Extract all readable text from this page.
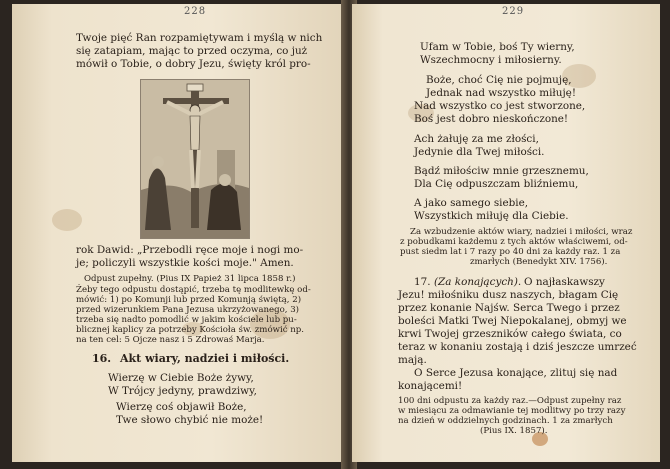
228
Twoje pięć Ran rozpamiętywam i myślą w nich
się zatapiam, mając to przed oczyma, co już
mówił o Tobie, o dobry Jezu, święty król pro-
rok Dawid: „Przebodli ręce moje i nogi mo-
je; policzyli wszystkie kości moje." Amen.
Odpust zupełny. (Pius IX Papież 31 lipca 1858 r.)
Żeby tego odpustu dostąpić, trzeba tę modlitewkę od-
mówić: 1) po Komunji lub przed Komunją świętą, 2)
przed wizerunkiem Pana Jezusa ukrzyżowanego, 3)
trzeba się nadto pomodlić w jakim kościele lub pu-
blicznej kaplicy za potrzeby Kościoła św. zmówić np.
na ten cel: 5 Ojcze nasz i 5 Zdrowaś Marja.
16. Akt wiary, nadziei i miłości.
Wierzę w Ciebie Boże żywy,
W Trójcy jedyny, prawdziwy,
Wierzę coś objawił Boże,
Twe słowo chybić nie może!
229
Ufam w Tobie, boś Ty wierny,
Wszechmocny i miłosierny.
Boże, choć Cię nie pojmuję,
Jednak nad wszystko miłuję!
Nad wszystko co jest stworzone,
Boś jest dobro nieskończone!
Ach żałuję za me złości,
Jedynie dla Twej miłości.
Bądź miłościw mnie grzesznemu,
Dla Cię odpuszczam bliźniemu,
A jako samego siebie,
Wszystkich miłuję dla Ciebie.
Za wzbudzenie aktów wiary, nadziei i miłości, wraz
z pobudkami każdemu z tych aktów właściwemi, od-
pust siedm lat i 7 razy po 40 dni za każdy raz. 1 za
zmarłych (Benedykt XIV. 1756).
17. (Za konających). O najłaskawszy
Jezu! miłośniku dusz naszych, błagam Cię
przez konanie Najśw. Serca Twego i przez
boleści Matki Twej Niepokalanej, obmyj we
krwi Twojej grzeszników całego świata, co
teraz w konaniu zostają i dziś jeszcze umrzeć
mają.
O Serce Jezusa konające, zlituj się nad
konającemi!
100 dni odpustu za każdy raz.—Odpust zupełny raz
w miesiącu za odmawianie tej modlitwy po trzy razy
na dzień w oddzielnych godzinach. 1 za zmarłych
(Pius IX. 1857).
